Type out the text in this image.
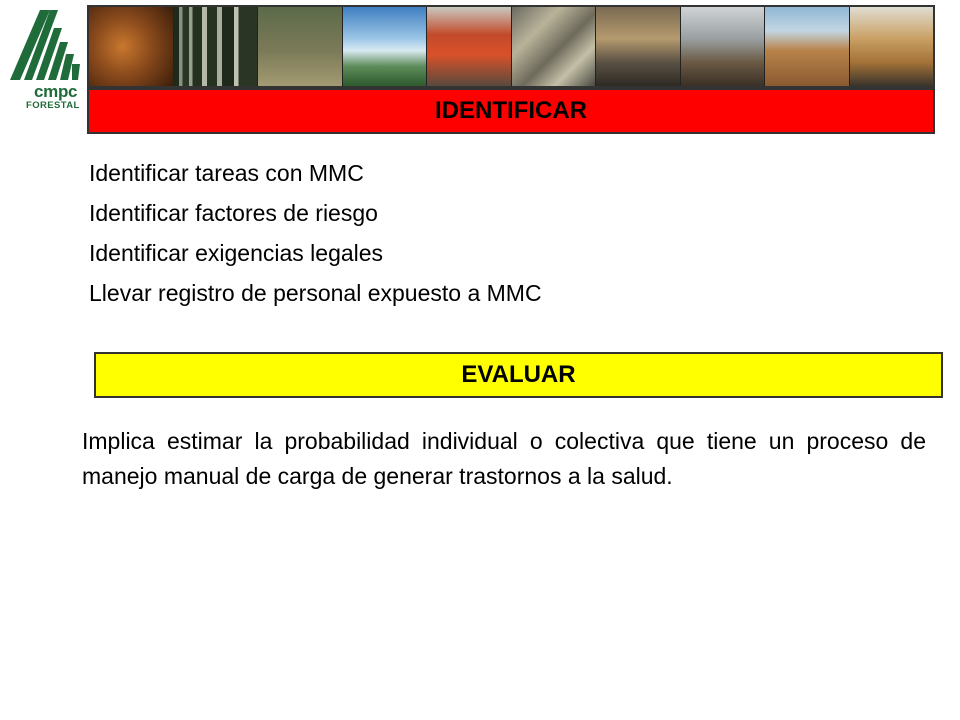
cmpc
FORESTAL	IDENTIFICAR
Identificar tareas con MMC
Identificar factores de riesgo
Identificar exigencias legales
Llevar registro de personal expuesto a MMC
EVALUAR

Implica estimar la probabilidad individual o colectiva que tiene un proceso de manejo manual de carga de generar trastornos a la salud.
